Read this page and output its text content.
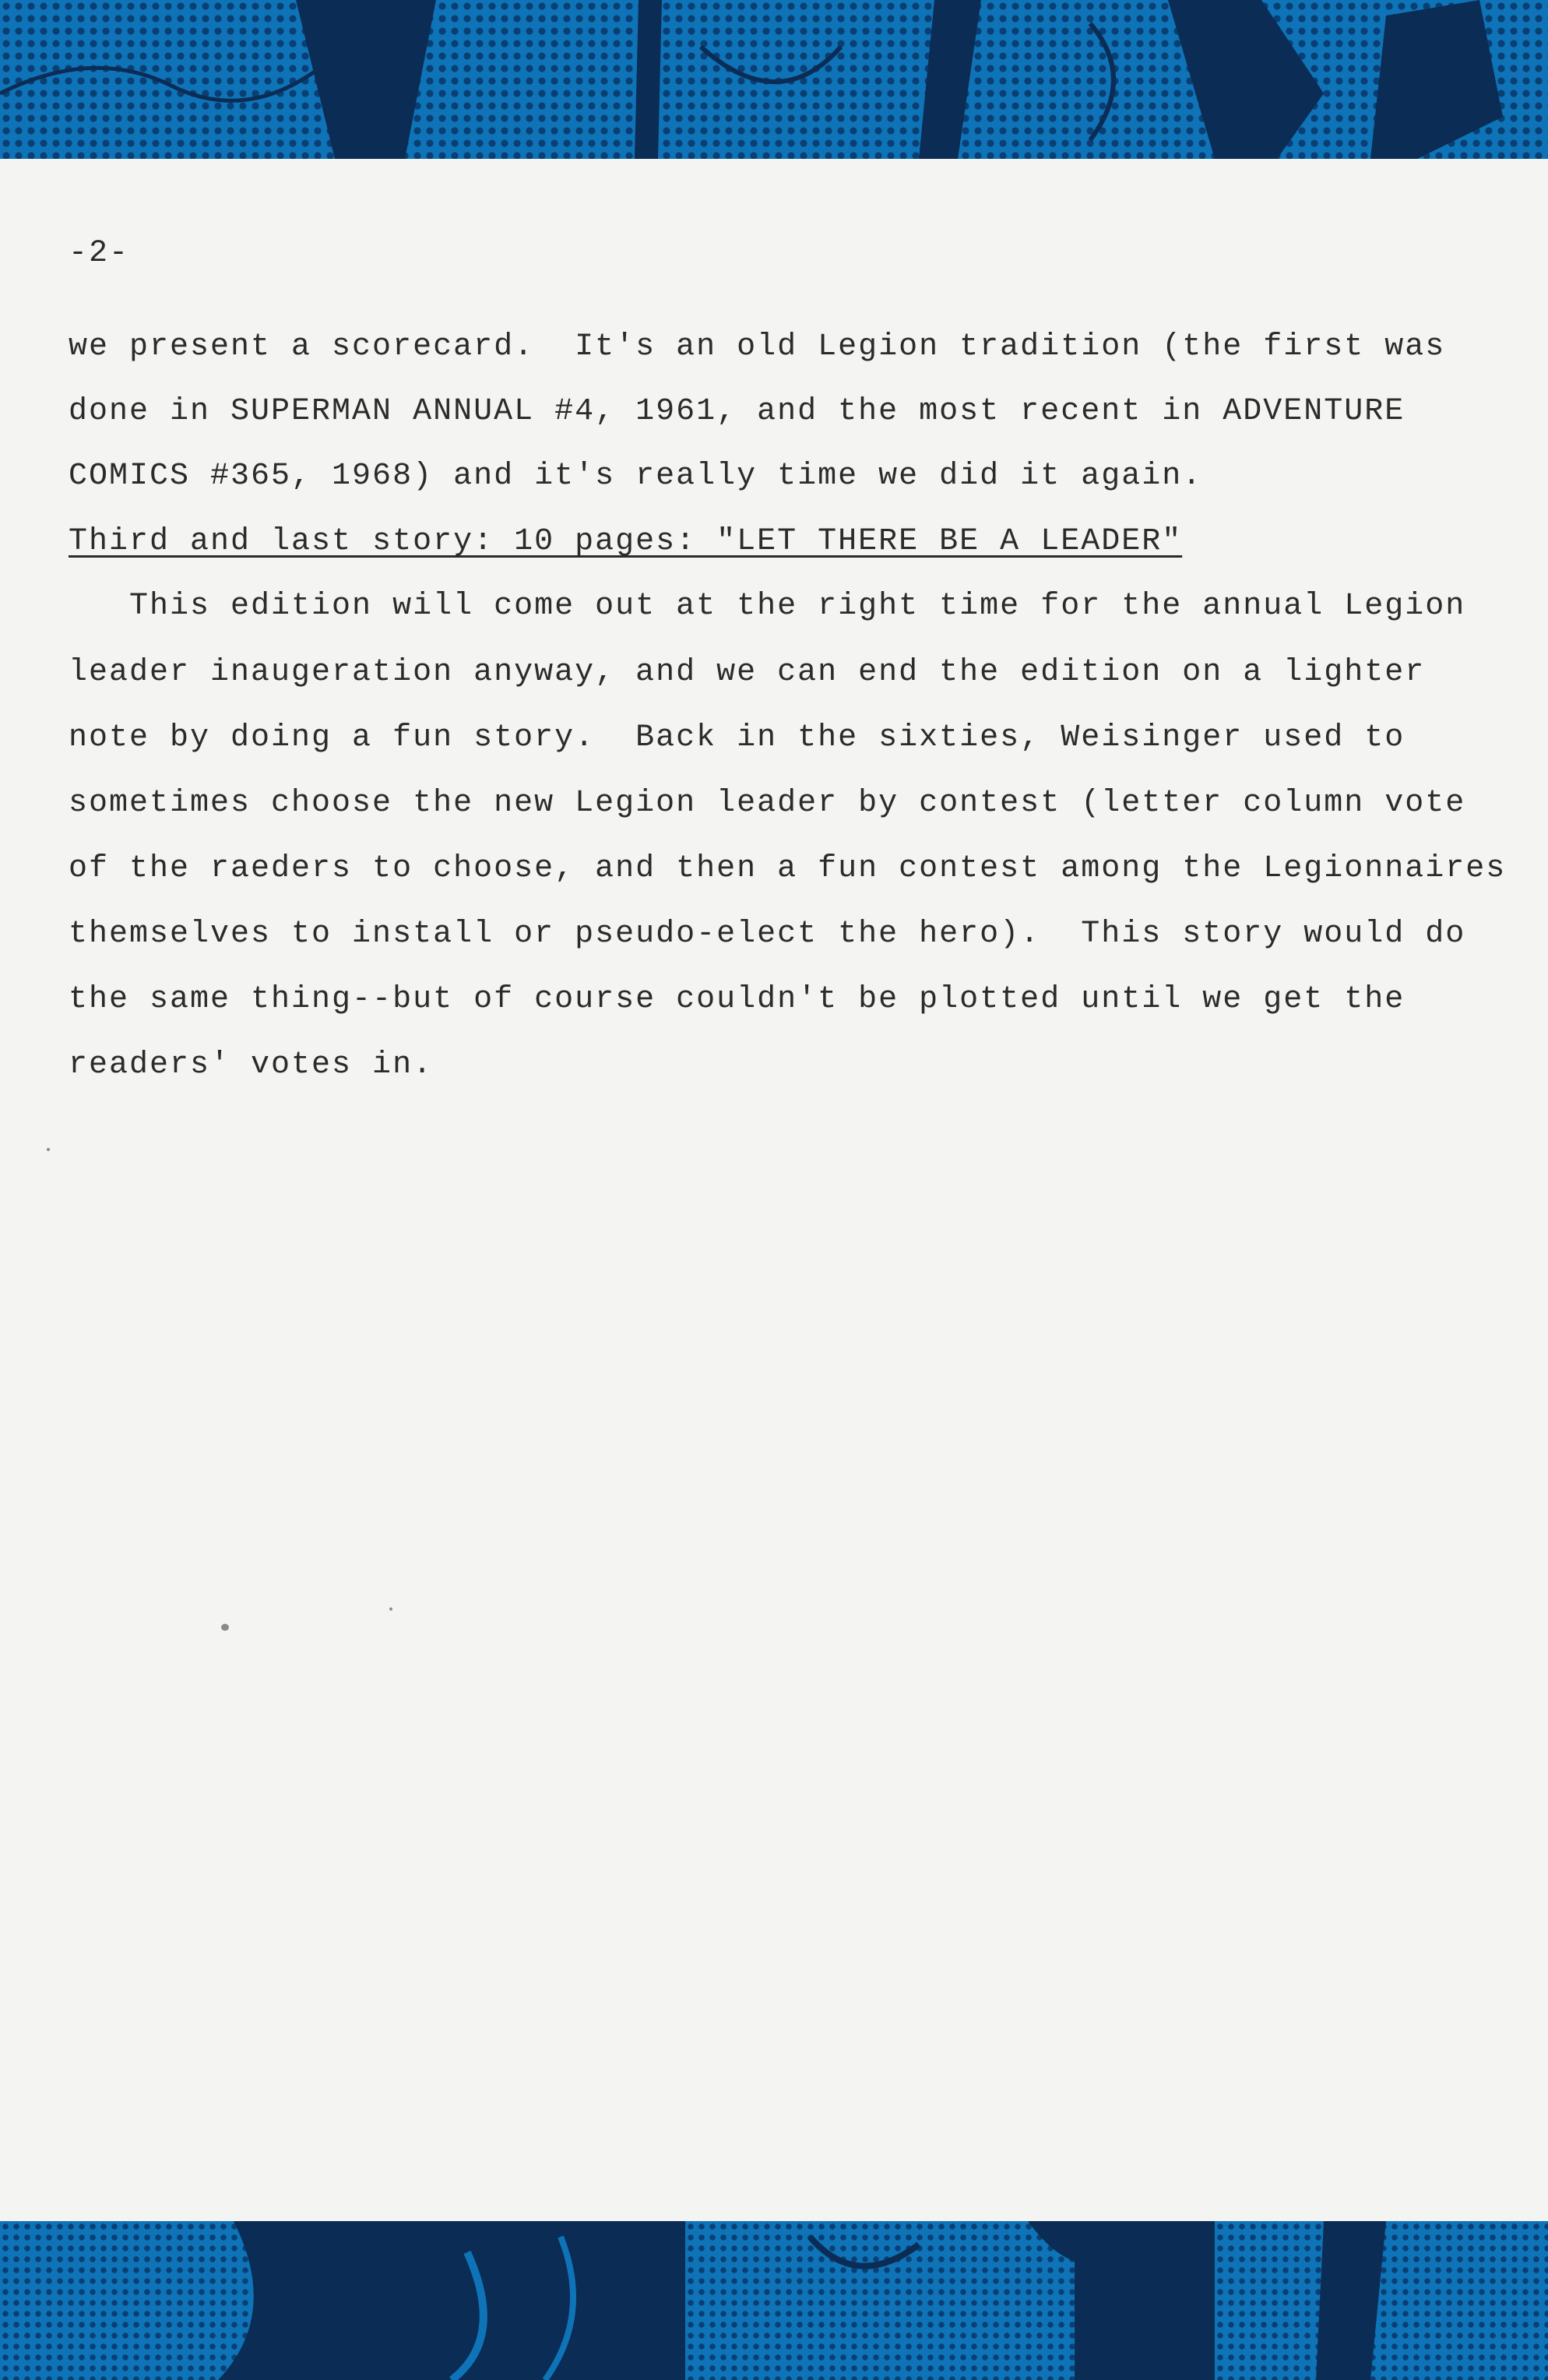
-2-
we present a scorecard.  It's an old Legion tradition (the first was
done in SUPERMAN ANNUAL #4, 1961, and the most recent in ADVENTURE
COMICS #365, 1968) and it's really time we did it again.
Third and last story: 10 pages: "LET THERE BE A LEADER"
This edition will come out at the right time for the annual Legion
leader inaugeration anyway, and we can end the edition on a lighter
note by doing a fun story.  Back in the sixties, Weisinger used to
sometimes choose the new Legion leader by contest (letter column vote
of the raeders to choose, and then a fun contest among the Legionnaires
themselves to install or pseudo-elect the hero).  This story would do
the same thing--but of course couldn't be plotted until we get the
readers' votes in.
